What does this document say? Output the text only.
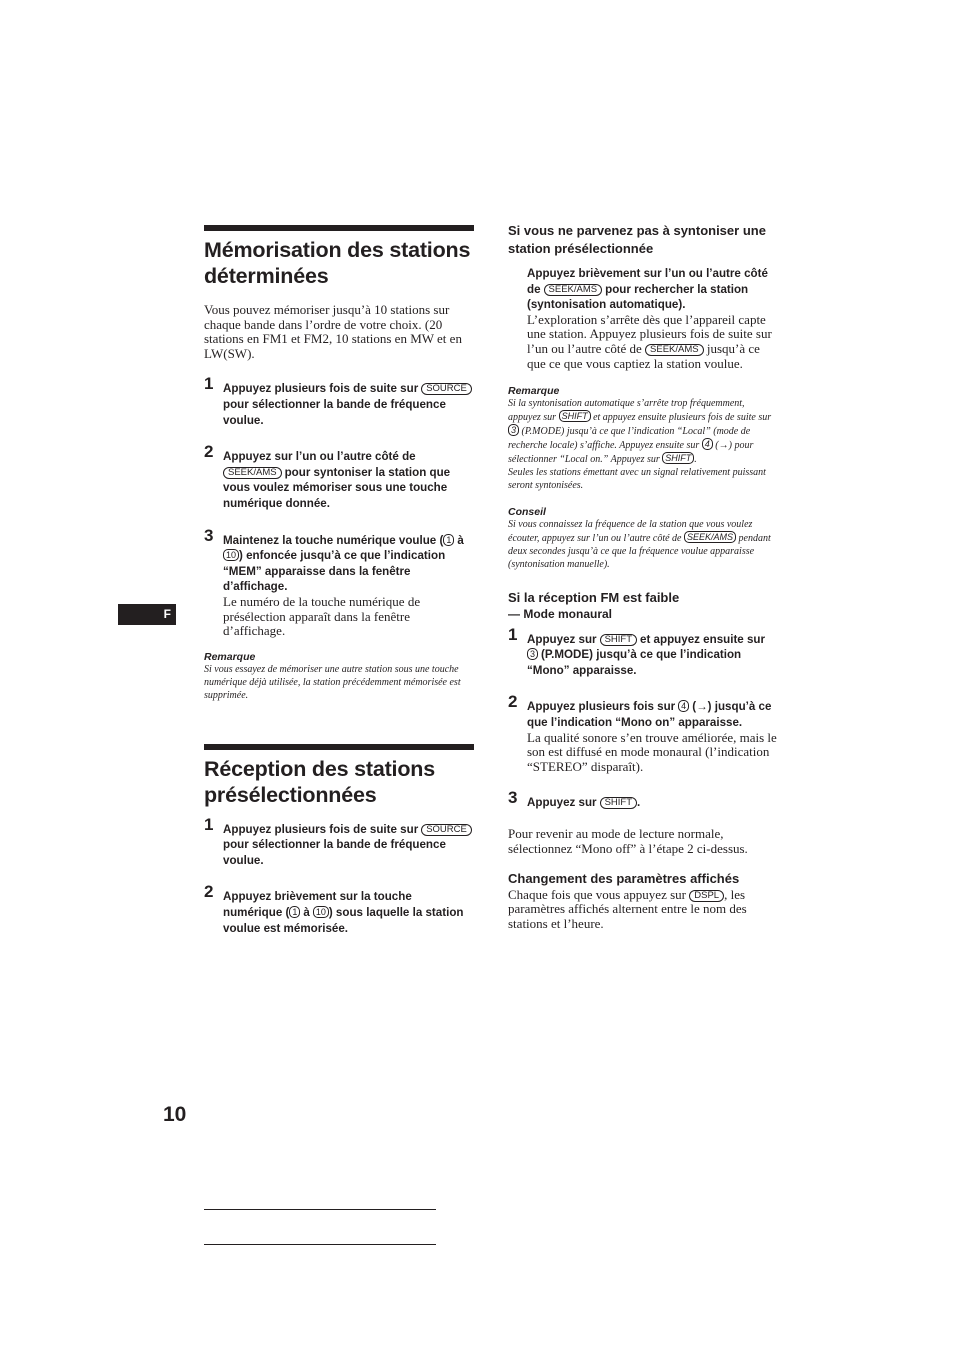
Mémorisation des stations déterminées

Vous pouvez mémoriser jusqu’à 10 stations sur chaque bande dans l’ordre de votre choix. (20 stations en FM1 et FM2, 10 stations en MW et en LW(SW).

1 Appuyez plusieurs fois de suite sur SOURCE pour sélectionner la bande de fréquence voulue.
2 Appuyez sur l’un ou l’autre côté de SEEK/AMS pour syntoniser la station que vous voulez mémoriser sous une touche numérique donnée.
3 Maintenez la touche numérique voulue ( 1 à 10 ) enfoncée jusqu’à ce que l’indication “MEM” apparaisse dans la fenêtre d’affichage.
Le numéro de la touche numérique de présélection apparaît dans la fenêtre d’affichage.

Remarque

Si vous essayez de mémoriser une autre station sous une touche numérique déjà utilisée, la station précédemment mémorisée est supprimée.

Réception des stations présélectionnées
1 Appuyez plusieurs fois de suite sur SOURCE pour sélectionner la bande de fréquence voulue.
2 Appuyez brièvement sur la touche numérique ( 1 à 10 ) sous laquelle la station voulue est mémorisée.
Si vous ne parvenez pas à syntoniser une station présélectionnée
Appuyez brièvement sur l’un ou l’autre côté de SEEK/AMS pour rechercher la station (syntonisation automatique).
L’exploration s’arrête dès que l’appareil capte une station. Appuyez plusieurs fois de suite sur l’un ou l’autre côté de SEEK/AMS jusqu’à ce que ce que vous captiez la station voulue.

Remarque

Si la syntonisation automatique s’arrête trop fréquemment, appuyez sur SHIFT et appuyez ensuite plusieurs fois de suite sur 3 (P.MODE) jusqu’à ce que l’indication “Local” (mode de recherche locale) s’affiche. Appuyez ensuite sur 4 (→) pour sélectionner “Local on.” Appuyez sur SHIFT .

Seules les stations émettant avec un signal relativement puissant seront syntonisées.

Conseil

Si vous connaissez la fréquence de la station que vous voulez écouter, appuyez sur l’un ou l’autre côté de SEEK/AMS pendant deux secondes jusqu’à ce que la fréquence voulue apparaisse (syntonisation manuelle).

Si la réception FM est faible

— Mode monaural

1 Appuyez sur SHIFT et appuyez ensuite sur 3 (P.MODE) jusqu’à ce que l’indication “Mono” apparaisse.
2 Appuyez plusieurs fois sur 4 (→) jusqu’à ce que l’indication “Mono on” apparaisse.
La qualité sonore s’en trouve améliorée, mais le son est diffusé en mode monaural (l’indication “STEREO” disparaît).
3 Appuyez sur SHIFT .

Pour revenir au mode de lecture normale, sélectionnez “Mono off” à l’étape 2 ci-dessus.

Changement des paramètres affichés

Chaque fois que vous appuyez sur DSPL , les paramètres affichés alternent entre le nom des stations et l’heure.

F
10
